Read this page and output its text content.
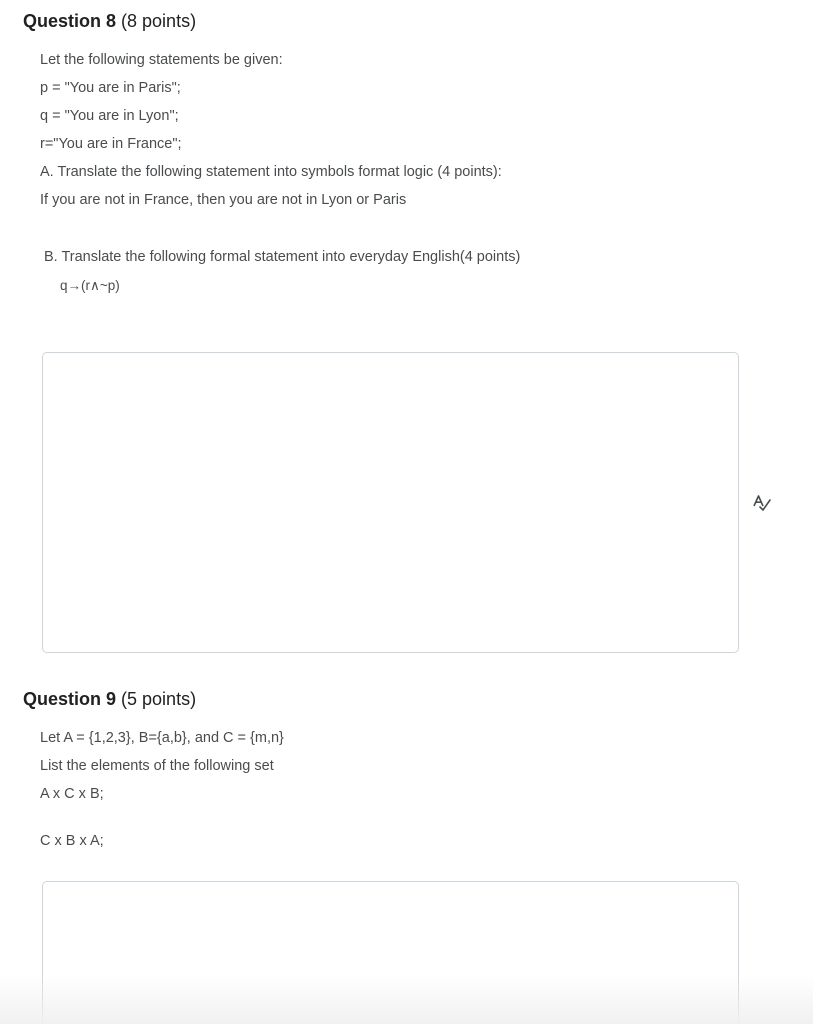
Question 8 (8 points)
Let the following statements be given:
p = "You are in Paris";
q = "You are in Lyon";
r="You are in France";
A. Translate the following statement into symbols format logic (4 points):
If you are not in France, then you are not in Lyon or Paris
B. Translate the following formal statement into everyday English(4 points)
q→(r∧~p)
Question 9 (5 points)
Let A = {1,2,3}, B={a,b}, and C = {m,n}
List the elements of the following set
A x C x B;
C x B x A;
